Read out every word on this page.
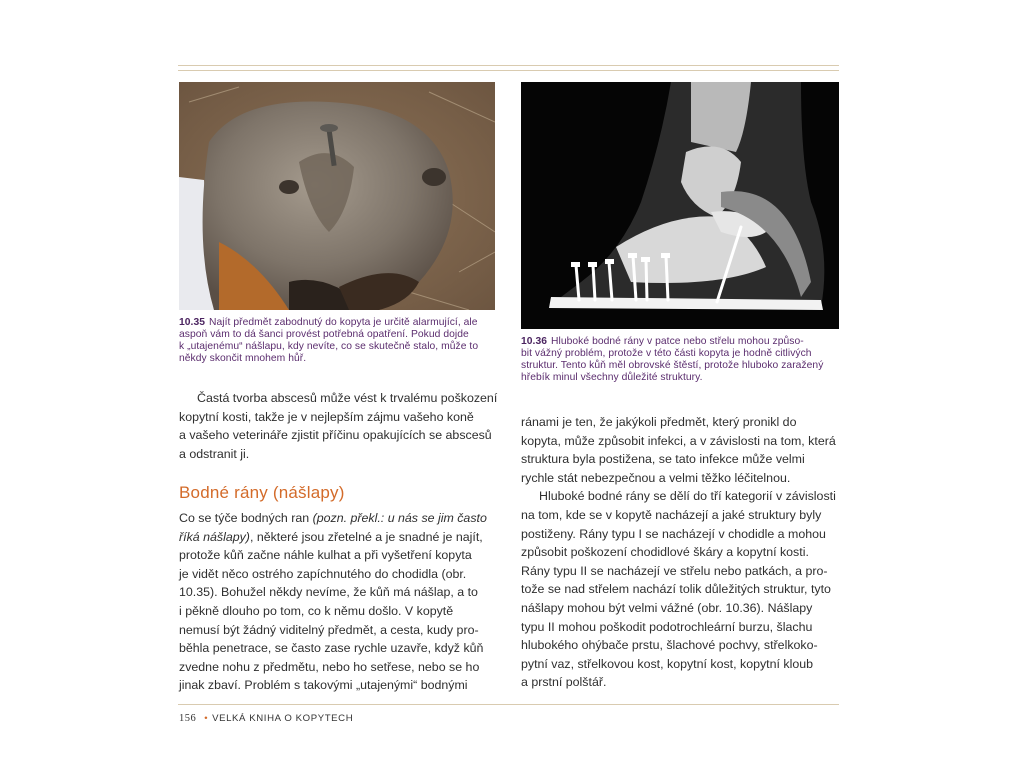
10.35 Najít předmět zabodnutý do kopyta je určitě alarmující, ale
aspoň vám to dá šanci provést potřebná opatření. Pokud dojde
k „utajenému“ nášlapu, kdy nevíte, co se skutečně stalo, může to
někdy skončit mnohem hůř.
10.36 Hluboké bodné rány v patce nebo střelu mohou způso-
bit vážný problém, protože v této části kopyta je hodně citlivých
struktur. Tento kůň měl obrovské štěstí, protože hluboko zaražený
hřebík minul všechny důležité struktury.
Častá tvorba abscesů může vést k trvalému poškození
kopytní kosti, takže je v nejlepším zájmu vašeho koně
a vašeho veterináře zjistit příčinu opakujících se abscesů
a odstranit ji.
Bodné rány (nášlapy)
Co se týče bodných ran (pozn. překl.: u nás se jim často
říká nášlapy), některé jsou zřetelné a je snadné je najít,
protože kůň začne náhle kulhat a při vyšetření kopyta
je vidět něco ostrého zapíchnutého do chodidla (obr.
10.35). Bohužel někdy nevíme, že kůň má nášlap, a to
i pěkně dlouho po tom, co k němu došlo. V kopytě
nemusí být žádný viditelný předmět, a cesta, kudy pro-
běhla penetrace, se často zase rychle uzavře, když kůň
zvedne nohu z předmětu, nebo ho setřese, nebo se ho
jinak zbaví. Problém s takovými „utajenými“ bodnými
ránami je ten, že jakýkoli předmět, který pronikl do
kopyta, může způsobit infekci, a v závislosti na tom, která
struktura byla postižena, se tato infekce může velmi
rychle stát nebezpečnou a velmi těžko léčitelnou.
Hluboké bodné rány se dělí do tří kategorií v závislosti
na tom, kde se v kopytě nacházejí a jaké struktury byly
postiženy. Rány typu I se nacházejí v chodidle a mohou
způsobit poškození chodidlové škáry a kopytní kosti.
Rány typu II se nacházejí ve střelu nebo patkách, a pro-
tože se nad střelem nachází tolik důležitých struktur, tyto
nášlapy mohou být velmi vážné (obr. 10.36). Nášlapy
typu II mohou poškodit podotrochleární burzu, šlachu
hlubokého ohýbače prstu, šlachové pochvy, střelkoko-
pytní vaz, střelkovou kost, kopytní kost, kopytní kloub
a prstní polštář.
156 • VELKÁ KNIHA O KOPYTECH
